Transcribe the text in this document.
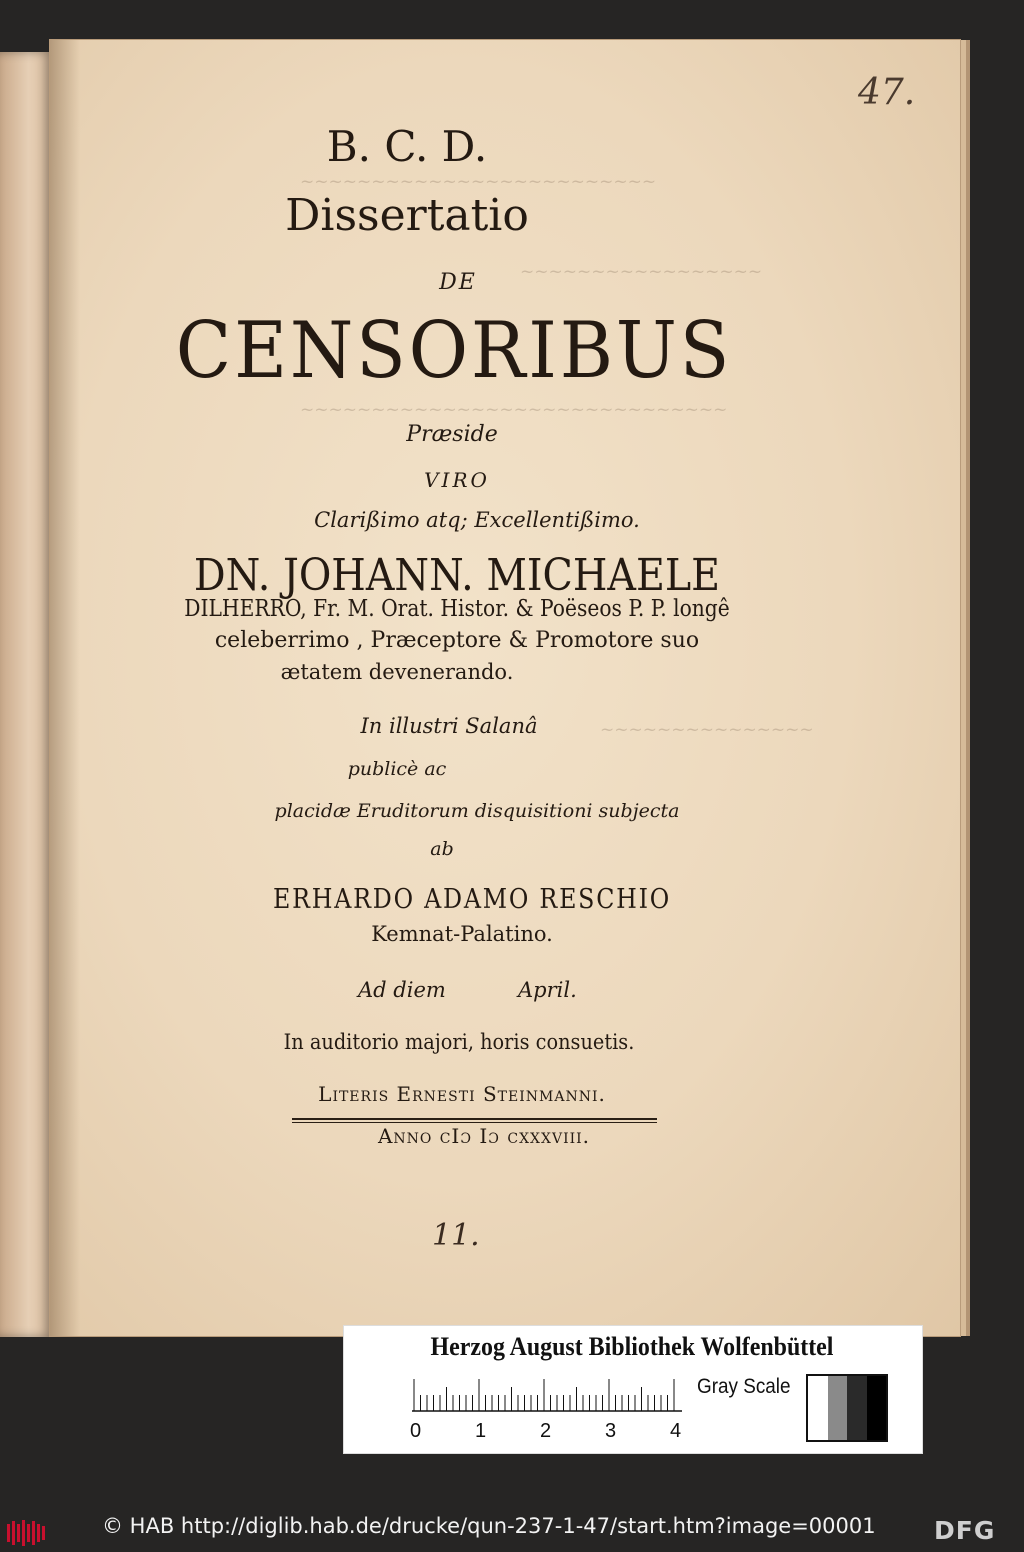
~~~~~~~~~~~~~~~~~~~~~~~~~
~~~~~~~~~~~~~~~~~
~~~~~~~~~~~~~~~~~~~~~~~~~~~~~~
~~~~~~~~~~~~~~~
47.
B. C. D.
Dissertatio
DE
CENSORIBUS
Præside
VIRO
Clarißimo atq; Excellentißimo.
DN. JOHANN. MICHAELE
DILHERRO, Fr. M. Orat. Histor. & Poëseos P. P. longê
celeberrimo , Præceptore & Promotore suo
ætatem devenerando.
In illustri Salanâ
publicè ac
placidæ Eruditorum disquisitioni subjecta
ab
ERHARDO ADAMO RESCHIO
Kemnat-Palatino.
Ad diem	April.
In auditorio majori, horis consuetis.
Literis Ernesti Steinmanni.
Anno cIɔ Iɔ cxxxviii.
11.
Herzog August Bibliothek Wolfenbüttel
0	1	2	3	4
Gray Scale
© HAB http://diglib.hab.de/drucke/qun-237-1-47/start.htm?image=00001 DFG
